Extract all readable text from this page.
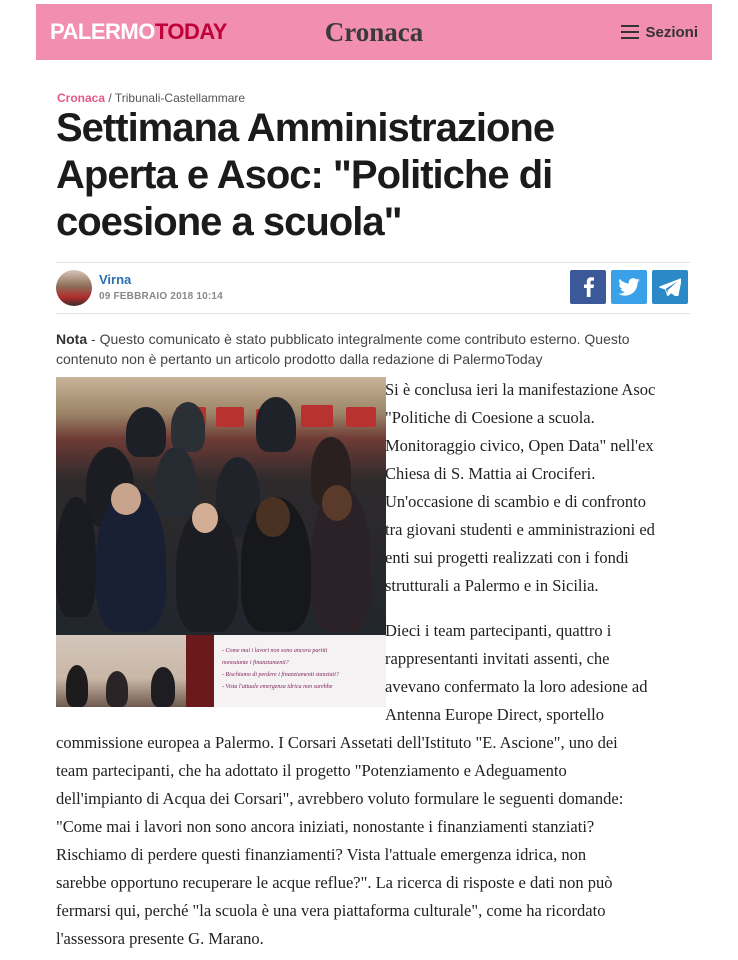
PALERMOTODAY	Cronaca	Sezioni
Cronaca / Tribunali-Castellammare
Settimana Amministrazione Aperta e Asoc: "Politiche di coesione a scuola"
Virna
09 FEBBRAIO 2018 10:14

Nota - Questo comunicato è stato pubblicato integralmente come contributo esterno. Questo contenuto non è pertanto un articolo prodotto dalla redazione di PalermoToday

- Come mai i lavori non sono ancora partiti
nonostante i finanziamenti?
- Rischiamo di perdere i finanziamenti stanziati?
- Vista l'attuale emergenza idrica non sarebbe
Si è conclusa ieri la manifestazione Asoc
"Politiche di Coesione a scuola.
Monitoraggio civico, Open Data" nell'ex
Chiesa di S. Mattia ai Crociferi.
Un'occasione di scambio e di confronto
tra giovani studenti e amministrazioni ed
enti sui progetti realizzati con i fondi
strutturali a Palermo e in Sicilia.
Dieci i team partecipanti, quattro i
rappresentanti invitati assenti, che
avevano confermato la loro adesione ad
Antenna Europe Direct, sportello
commissione europea a Palermo. I Corsari Assetati dell'Istituto "E. Ascione", uno dei
team partecipanti, che ha adottato il progetto "Potenziamento e Adeguamento
dell'impianto di Acqua dei Corsari", avrebbero voluto formulare le seguenti domande:
"Come mai i lavori non sono ancora iniziati, nonostante i finanziamenti stanziati?
Rischiamo di perdere questi finanziamenti? Vista l'attuale emergenza idrica, non
sarebbe opportuno recuperare le acque reflue?". La ricerca di risposte e dati non può
fermarsi qui, perché "la scuola è una vera piattaforma culturale", come ha ricordato
l'assessora presente G. Marano.
